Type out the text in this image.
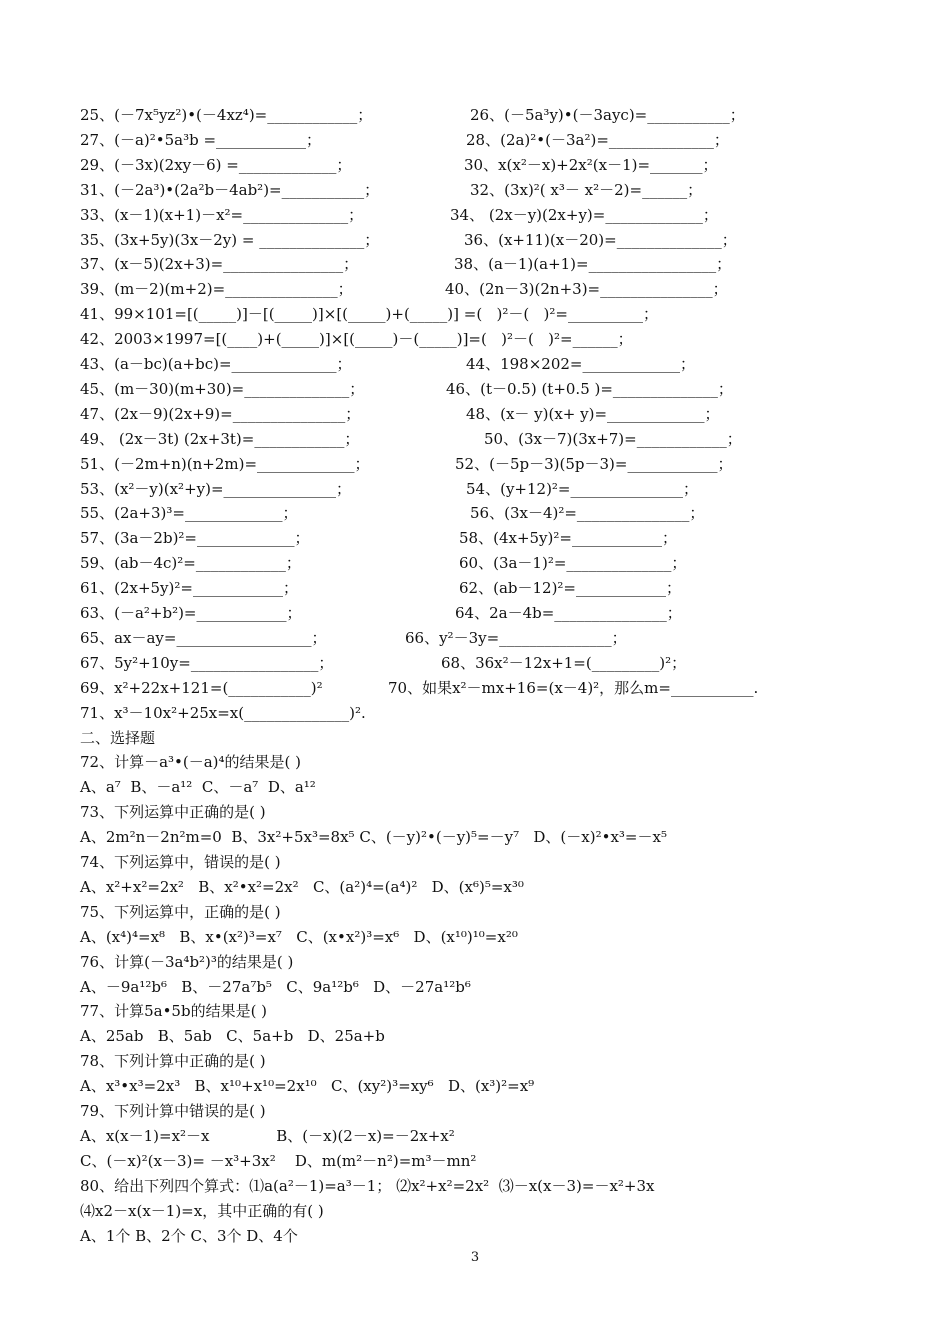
25、(－7x⁵yz²)•(－4xz⁴)=____________；	26、(－5a³y)•(－3ayc)=___________；
27、(－a)²•5a³b =____________；	28、(2a)²•(－3a²)=______________；
29、(－3x)(2xy－6) =_____________；	30、x(x²－x)+2x²(x－1)=_______；
31、(－2a³)•(2a²b－4ab²)=___________；	32、(3x)²( x³－ x²－2)=______；
33、(x－1)(x+1)－x²=______________；	34、 (2x－y)(2x+y)=_____________；
35、(3x+5y)(3x－2y) = ______________；	36、(x+11)(x－20)=______________；
37、(x－5)(2x+3)=________________；	38、(a－1)(a+1)=_________________；
39、(m－2)(m+2)=_______________；	40、(2n－3)(2n+3)=_______________；
41、99×101=[(_____)]－[(_____)]×[(_____)+(_____)] =(   )²－(   )²=__________；
42、2003×1997=[(____)+(_____)]×[(_____)－(_____)]=(   )²－(   )²=______；
43、(a－bc)(a+bc)=______________；	44、198×202=_____________；
45、(m－30)(m+30)=______________；	46、(t－0.5) (t+0.5 )=______________；
47、(2x－9)(2x+9)=_______________；	48、(x－ y)(x+ y)=_____________；
49、 (2x－3t) (2x+3t)=____________；	50、(3x－7)(3x+7)=____________；
51、(－2m+n)(n+2m)=_____________；	52、(－5p－3)(5p－3)=____________；
53、(x²－y)(x²+y)=_______________；	54、(y+12)²=_______________；
55、(2a+3)³=_____________；	56、(3x－4)²=_______________；
57、(3a－2b)²=_____________；	58、(4x+5y)²=____________；
59、(ab－4c)²=____________；	60、(3a－1)²=______________；
61、(2x+5y)²=____________；	62、(ab－12)²=____________；
63、(－a²+b²)=____________；	64、2a－4b=_______________；
65、ax－ay=__________________；	66、y²－3y=_______________；
67、5y²+10y=_________________；	68、36x²－12x+1=(_________)²；
69、x²+22x+121=(___________)²	70、如果x²－mx+16=(x－4)²，那么m=___________.
71、x³－10x²+25x=x(______________)².
二、选择题
72、计算－a³•(－a)⁴的结果是( )
A、a⁷  B、－a¹²  C、－a⁷  D、a¹²
73、下列运算中正确的是( )
A、2m²n－2n²m=0  B、3x²+5x³=8x⁵ C、(－y)²•(－y)⁵=－y⁷   D、(－x)²•x³=－x⁵
74、下列运算中，错误的是( )
A、x²+x²=2x²   B、x²•x²=2x²   C、(a²)⁴=(a⁴)²   D、(x⁶)⁵=x³⁰
75、下列运算中，正确的是( )
A、(x⁴)⁴=x⁸   B、x•(x²)³=x⁷   C、(x•x²)³=x⁶   D、(x¹⁰)¹⁰=x²⁰
76、计算(－3a⁴b²)³的结果是( )
A、－9a¹²b⁶   B、－27a⁷b⁵   C、9a¹²b⁶   D、－27a¹²b⁶
77、计算5a•5b的结果是( )
A、25ab   B、5ab   C、5a+b   D、25a+b
78、下列计算中正确的是( )
A、x³•x³=2x³   B、x¹⁰+x¹⁰=2x¹⁰   C、(xy²)³=xy⁶   D、(x³)²=x⁹
79、下列计算中错误的是( )
A、x(x－1)=x²－x              B、(－x)(2－x)=－2x+x²
C、(－x)²(x－3)= －x³+3x²    D、m(m²－n²)=m³－mn²
80、给出下列四个算式：⑴a(a²－1)=a³－1； ⑵x²+x²=2x²  ⑶－x(x－3)=－x²+3x
⑷x2－x(x－1)=x，其中正确的有( )
A、1个 B、2个 C、3个 D、4个
3
